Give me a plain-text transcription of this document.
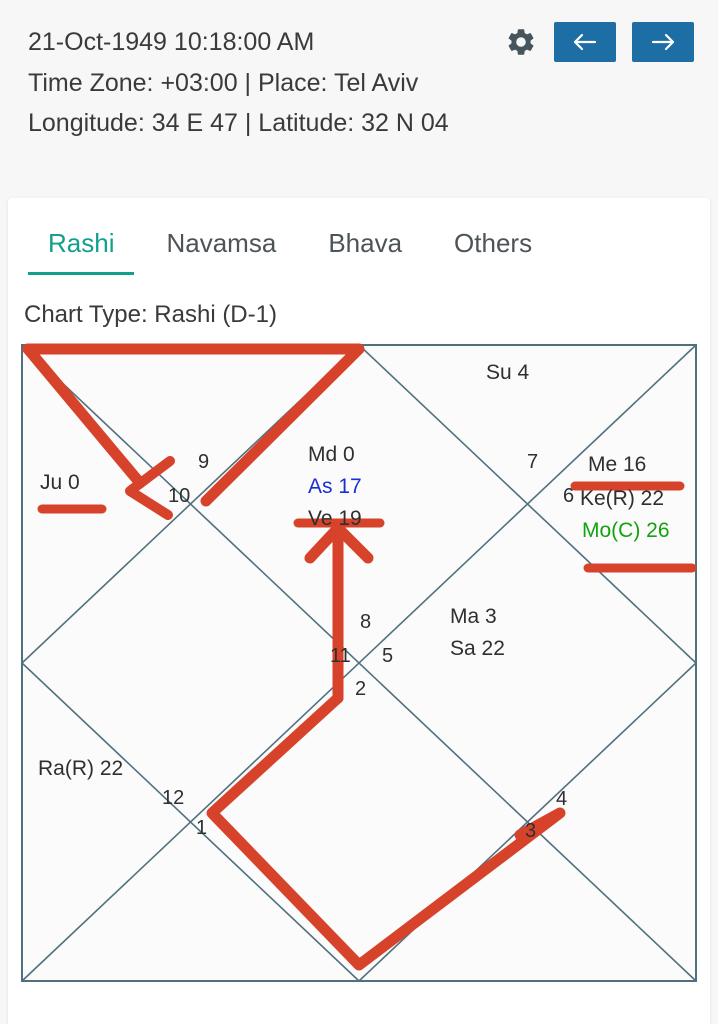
21-Oct-1949 10:18:00 AM
Time Zone: +03:00 | Place: Tel Aviv
Longitude: 34 E 47 | Latitude: 32 N 04
Rashi	Navamsa	Bhava	Others
Chart Type: Rashi (D-1)
Su 4
Md 0
As 17
Ve 19
Ju 0
Me 16
Ke(R) 22
Mo(C) 26
Ma 3
Sa 22
Ra(R) 22
1
2
3
4
5
6
7
8
9
10
11
12
